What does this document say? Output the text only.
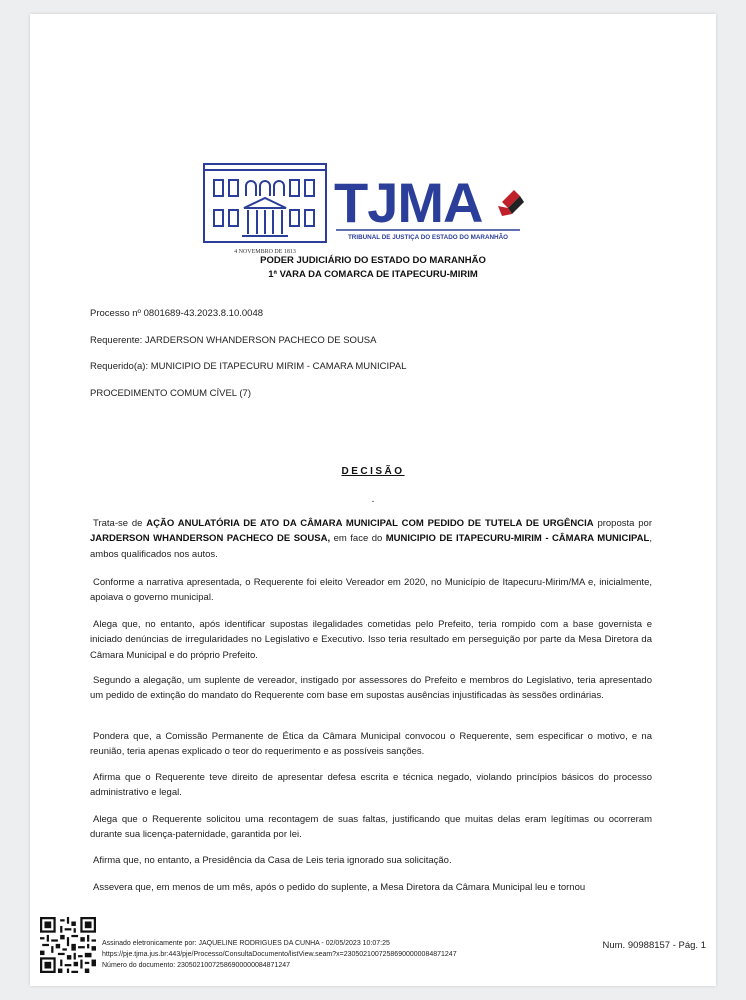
4 NOVEMBRO DE 1813
TJMA
TRIBUNAL DE JUSTIÇA DO ESTADO DO MARANHÃO
PODER JUDICIÁRIO DO ESTADO DO MARANHÃO
1ª VARA DA COMARCA DE ITAPECURU-MIRIM
Processo nº 0801689-43.2023.8.10.0048
Requerente: JARDERSON WHANDERSON PACHECO DE SOUSA
Requerido(a): MUNICIPIO DE ITAPECURU MIRIM - CAMARA MUNICIPAL
PROCEDIMENTO COMUM CÍVEL (7)
DECISÃO
-
Trata-se de AÇÃO ANULATÓRIA DE ATO DA CÂMARA MUNICIPAL COM PEDIDO DE TUTELA DE URGÊNCIA proposta por JARDERSON WHANDERSON PACHECO DE SOUSA, em face do MUNICIPIO DE ITAPECURU-MIRIM - CÂMARA MUNICIPAL, ambos qualificados nos autos.
Conforme a narrativa apresentada, o Requerente foi eleito Vereador em 2020, no Município de Itapecuru-Mirim/MA e, inicialmente, apoiava o governo municipal.
Alega que, no entanto, após identificar supostas ilegalidades cometidas pelo Prefeito, teria rompido com a base governista e iniciado denúncias de irregularidades no Legislativo e Executivo. Isso teria resultado em perseguição por parte da Mesa Diretora da Câmara Municipal e do próprio Prefeito.
Segundo a alegação, um suplente de vereador, instigado por assessores do Prefeito e membros do Legislativo, teria apresentado um pedido de extinção do mandato do Requerente com base em supostas ausências injustificadas às sessões ordinárias.
Pondera que, a Comissão Permanente de Ética da Câmara Municipal convocou o Requerente, sem especificar o motivo, e na reunião, teria apenas explicado o teor do requerimento e as possíveis sanções.
Afirma que o Requerente teve direito de apresentar defesa escrita e técnica negado, violando princípios básicos do processo administrativo e legal.
Alega que o Requerente solicitou uma recontagem de suas faltas, justificando que muitas delas eram legítimas ou ocorreram durante sua licença-paternidade, garantida por lei.
Afirma que, no entanto, a Presidência da Casa de Leis teria ignorado sua solicitação.
Assevera que, em menos de um mês, após o pedido do suplente, a Mesa Diretora da Câmara Municipal leu e tornou
Assinado eletronicamente por: JAQUELINE RODRIGUES DA CUNHA - 02/05/2023 10:07:25
https://pje.tjma.jus.br:443/pje/Processo/ConsultaDocumento/listView.seam?x=23050210072586900000084871247
Número do documento: 23050210072586900000084871247
Num. 90988157 - Pág. 1
